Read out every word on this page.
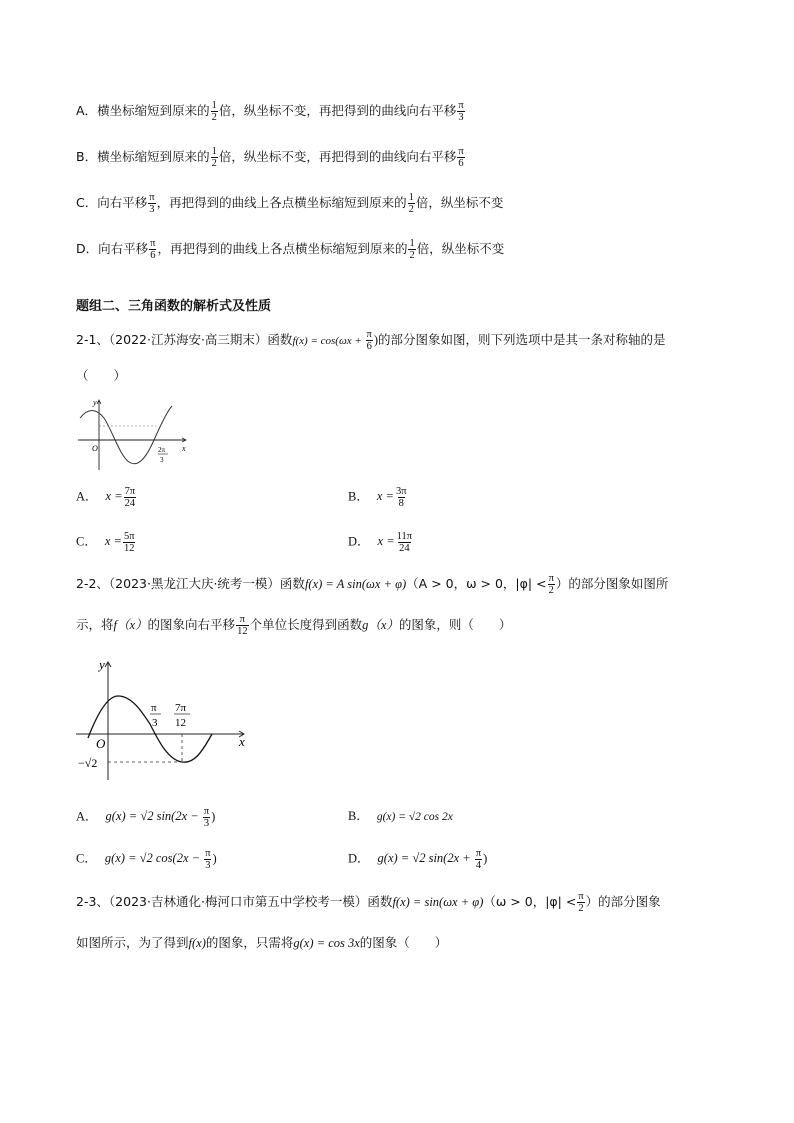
A．横坐标缩短到原来的 $\frac{1}{2}$ 倍，纵坐标不变，再把得到的曲线向右平移 $\frac{\pi}{3}$
B．横坐标缩短到原来的 $\frac{1}{2}$ 倍，纵坐标不变，再把得到的曲线向右平移 $\frac{\pi}{6}$
C．向右平移 $\frac{\pi}{3}$ ，再把得到的曲线上各点横坐标缩短到原来的 $\frac{1}{2}$ 倍，纵坐标不变
D．向右平移 $\frac{\pi}{6}$ ，再把得到的曲线上各点横坐标缩短到原来的 $\frac{1}{2}$ 倍，纵坐标不变
题组二、三角函数的解析式及性质
2-1、（2022·江苏海安·高三期末）函数$f(x) = \cos(\omega x + \frac{\pi}{6}$ )的部分图象如图，则下列选项中是其一条对称轴的是
（　　）
y
O	x
2π
3
A． $x = \frac{7\pi}{24}$	B． $x = \frac{3\pi}{8}$
C． $x = \frac{5\pi}{12}$	D． $x = \frac{11\pi}{24}$
2-2、（2023·黑龙江大庆·统考一模）函数f(x) = A sin(ωx + φ)（A > 0，ω > 0，$|\varphi| < \frac{\pi}{2}$ ）的部分图象如图所
示，将f（x）的图象向右平移 $\frac{\pi}{12}$ 个单位长度得到函数g（x）的图象，则（　　）
y
O	x
π
3
7π
12
−√2
A． g(x) = √2 $\sin(2x - \frac{\pi}{3}$ )	B． g(x) = √2 cos 2x
C． g(x) = √2 $\cos(2x - \frac{\pi}{3}$ )	D． g(x) = √2 $\sin(2x + \frac{\pi}{4}$ )
2-3、（2023·吉林通化·梅河口市第五中学校考一模）函数f(x) = sin(ωx + φ)（ω > 0，$|\varphi| < \frac{\pi}{2}$ ）的部分图象
如图所示，为了得到f(x)的图象，只需将g(x) = cos 3x的图象（　　）
